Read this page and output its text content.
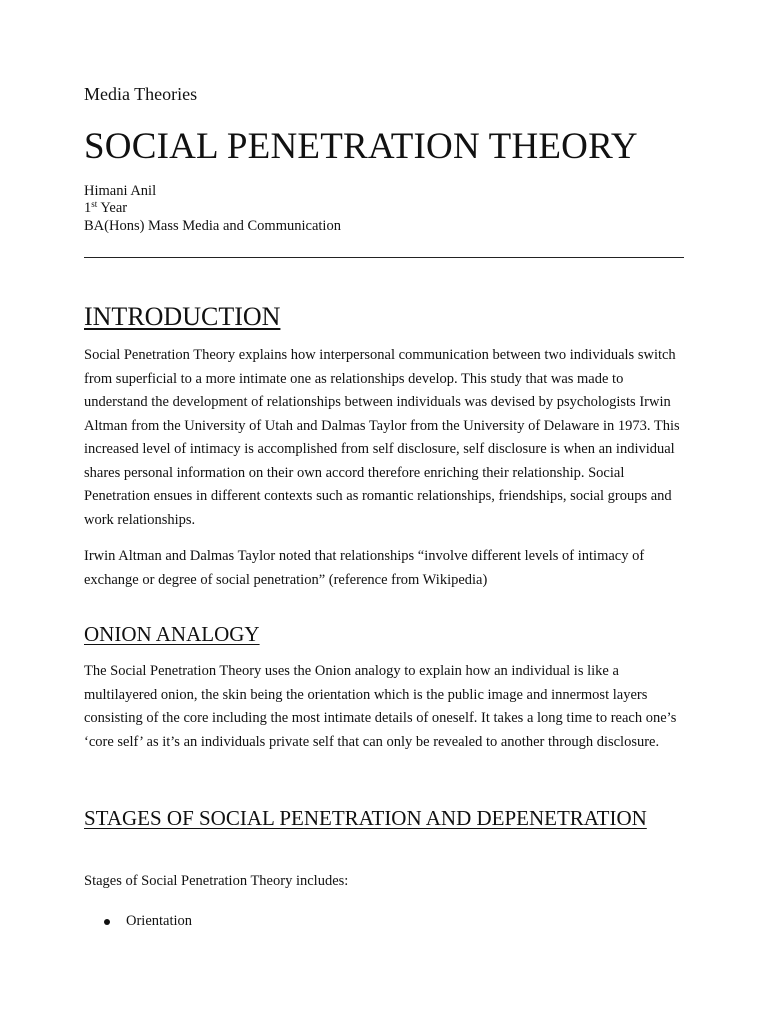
Media Theories

SOCIAL PENETRATION THEORY

Himani Anil

1st Year

BA(Hons) Mass Media and Communication

INTRODUCTION

Social Penetration Theory explains how interpersonal communication between two individuals switch from superficial to a more intimate one as relationships develop. This study that was made to understand the development of relationships between individuals was devised by psychologists Irwin Altman from the University of Utah and Dalmas Taylor from the University of Delaware in 1973. This increased level of intimacy is accomplished from self disclosure, self disclosure is when an individual shares personal information on their own accord therefore enriching their relationship. Social Penetration ensues in different contexts such as romantic relationships, friendships, social groups and work relationships.

Irwin Altman and Dalmas Taylor noted that relationships “involve different levels of intimacy of exchange or degree of social penetration” (reference from Wikipedia)

ONION ANALOGY

The Social Penetration Theory uses the Onion analogy to explain how an individual is like a multilayered onion, the skin being the orientation which is the public image and innermost layers consisting of the core including the most intimate details of oneself. It takes a long time to reach one’s ‘core self’ as it’s an individuals private self that can only be revealed to another through disclosure.

STAGES OF SOCIAL PENETRATION AND DEPENETRATION

Stages of Social Penetration Theory includes:

Orientation
